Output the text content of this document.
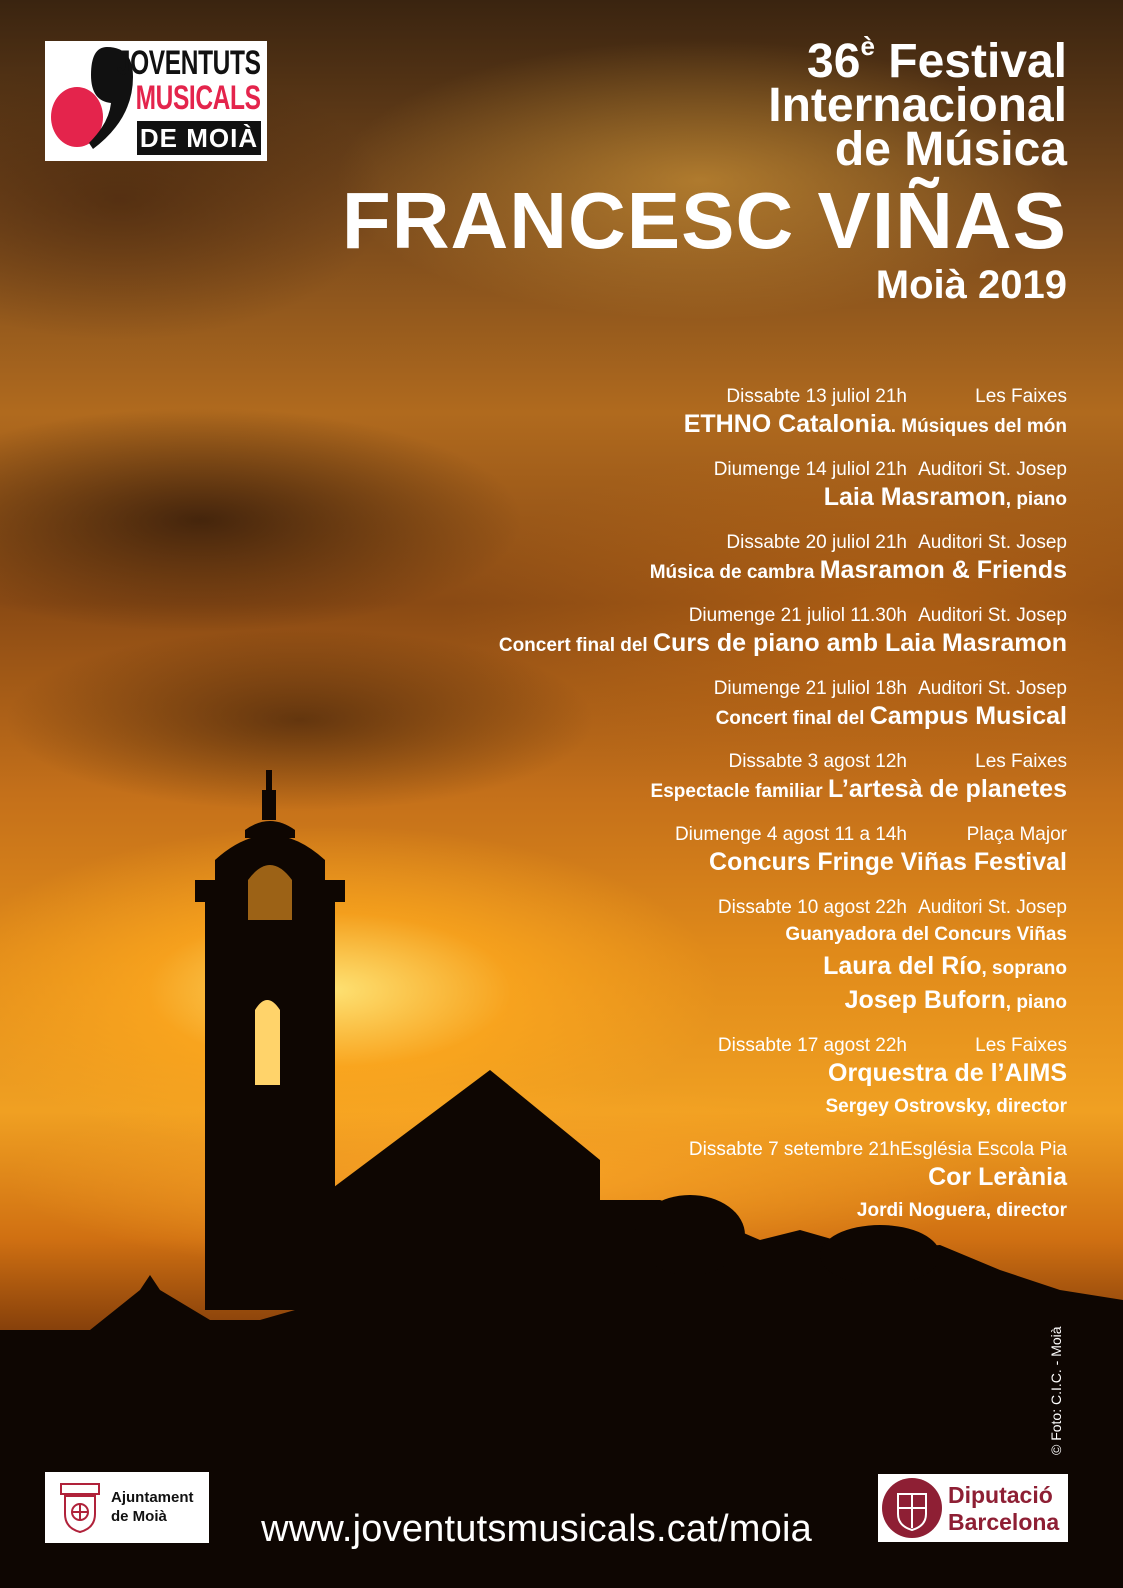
JOVENTUTS
MUSICALS
DE MOIÀ
$36^è$ Festival
Internacional
de Música
FRANCESC VIÑAS
Moià 2019
Dissabte 13 juliol 21h	Les Faixes
ETHNO Catalonia. Músiques del món
Diumenge 14 juliol 21h Auditori St. Josep
Laia Masramon, piano
Dissabte 20 juliol 21h Auditori St. Josep
Música de cambra Masramon & Friends
Diumenge 21 juliol 11.30h Auditori St. Josep
Concert final del Curs de piano amb Laia Masramon
Diumenge 21 juliol 18h Auditori St. Josep
Concert final del Campus Musical
Dissabte 3 agost 12h	Les Faixes
Espectacle familiar L’artesà de planetes
Diumenge 4 agost 11 a 14h	Plaça Major
Concurs Fringe Viñas Festival
Dissabte 10 agost 22h Auditori St. Josep
Guanyadora del Concurs Viñas
Laura del Río, soprano
Josep Buforn, piano
Dissabte 17 agost 22h	Les Faixes
Orquestra de l’AIMS
Sergey Ostrovsky, director
Dissabte 7 setembre 21hEsglésia Escola Pia
Cor Lerània
Jordi Noguera, director
© Foto: C.I.C. - Moià
Ajuntament
de Moià	www.joventutsmusicals.cat/moia
Diputació
Barcelona
